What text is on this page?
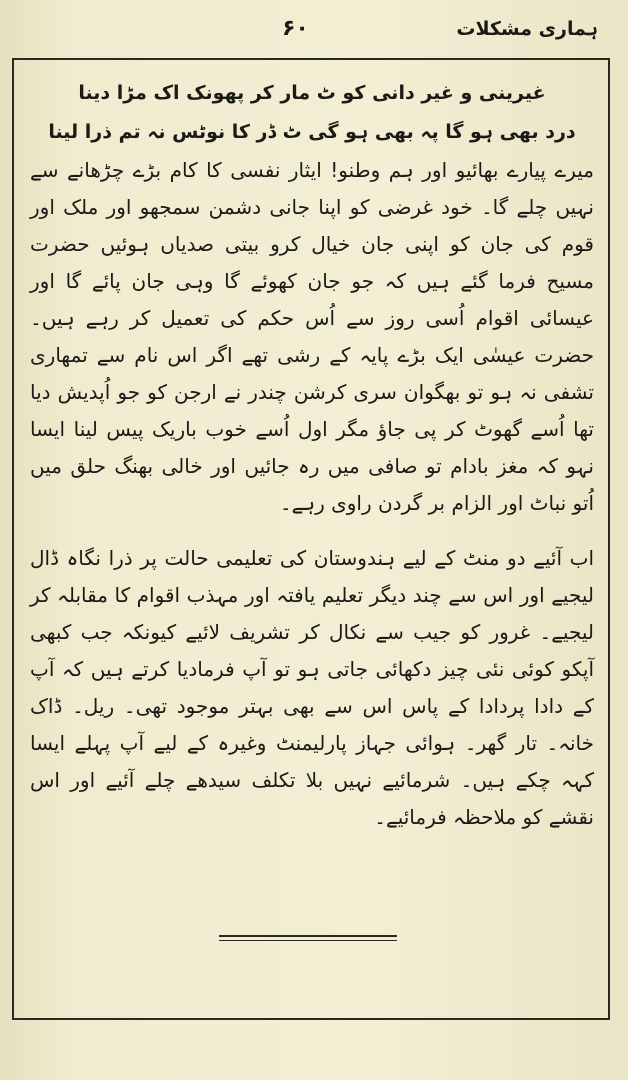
ہماری مشکلات
۶۰

غیرینی و غیر دانی کو ٹ مار کر پھونک اک مڑا دینا

درد بھی ہو گا پہ بھی ہو گی ٹ ڈر کا نوٹس نہ تم ذرا لینا

میرے پیارے بھائیو اور ہم وطنو! ایثار نفسی کا کام بڑے چڑھانے سے نہیں چلے گا۔ خود غرضی کو اپنا جانی دشمن سمجھو اور ملک اور قوم کی جان کو اپنی جان خیال کرو بیتی صدیاں ہوئیں حضرت مسیح فرما گئے ہیں کہ جو جان کھوئے گا وہی جان پائے گا اور عیسائی اقوام اُسی روز سے اُس حکم کی تعمیل کر رہے ہیں۔ حضرت عیسٰی ایک بڑے پایہ کے رشی تھے اگر اس نام سے تمھاری تشفی نہ ہو تو بھگوان سری کرشن چندر نے ارجن کو جو اُپدیش دیا تھا اُسے گھوٹ کر پی جاؤ مگر اول اُسے خوب باریک پیس لینا ایسا نہو کہ مغز بادام تو صافی میں رہ جائیں اور خالی بھنگ حلق میں اُتو نباٹ اور الزام بر گردن راوی رہے۔

اب آئیے دو منٹ کے لیے ہندوستان کی تعلیمی حالت پر ذرا نگاہ ڈال لیجیے اور اس سے چند دیگر تعلیم یافتہ اور مہذب اقوام کا مقابلہ کر لیجیے۔ غرور کو جیب سے نکال کر تشریف لائیے کیونکہ جب کبھی آپکو کوئی نئی چیز دکھائی جاتی ہو تو آپ فرمادیا کرتے ہیں کہ آپ کے دادا پردادا کے پاس اس سے بھی بہتر موجود تھی۔ ریل۔ ڈاک خانہ۔ تار گھر۔ ہوائی جہاز پارلیمنٹ وغیرہ کے لیے آپ پہلے ایسا کہہ چکے ہیں۔ شرمائیے نہیں بلا تکلف سیدھے چلے آئیے اور اس نقشے کو ملاحظہ فرمائیے۔
